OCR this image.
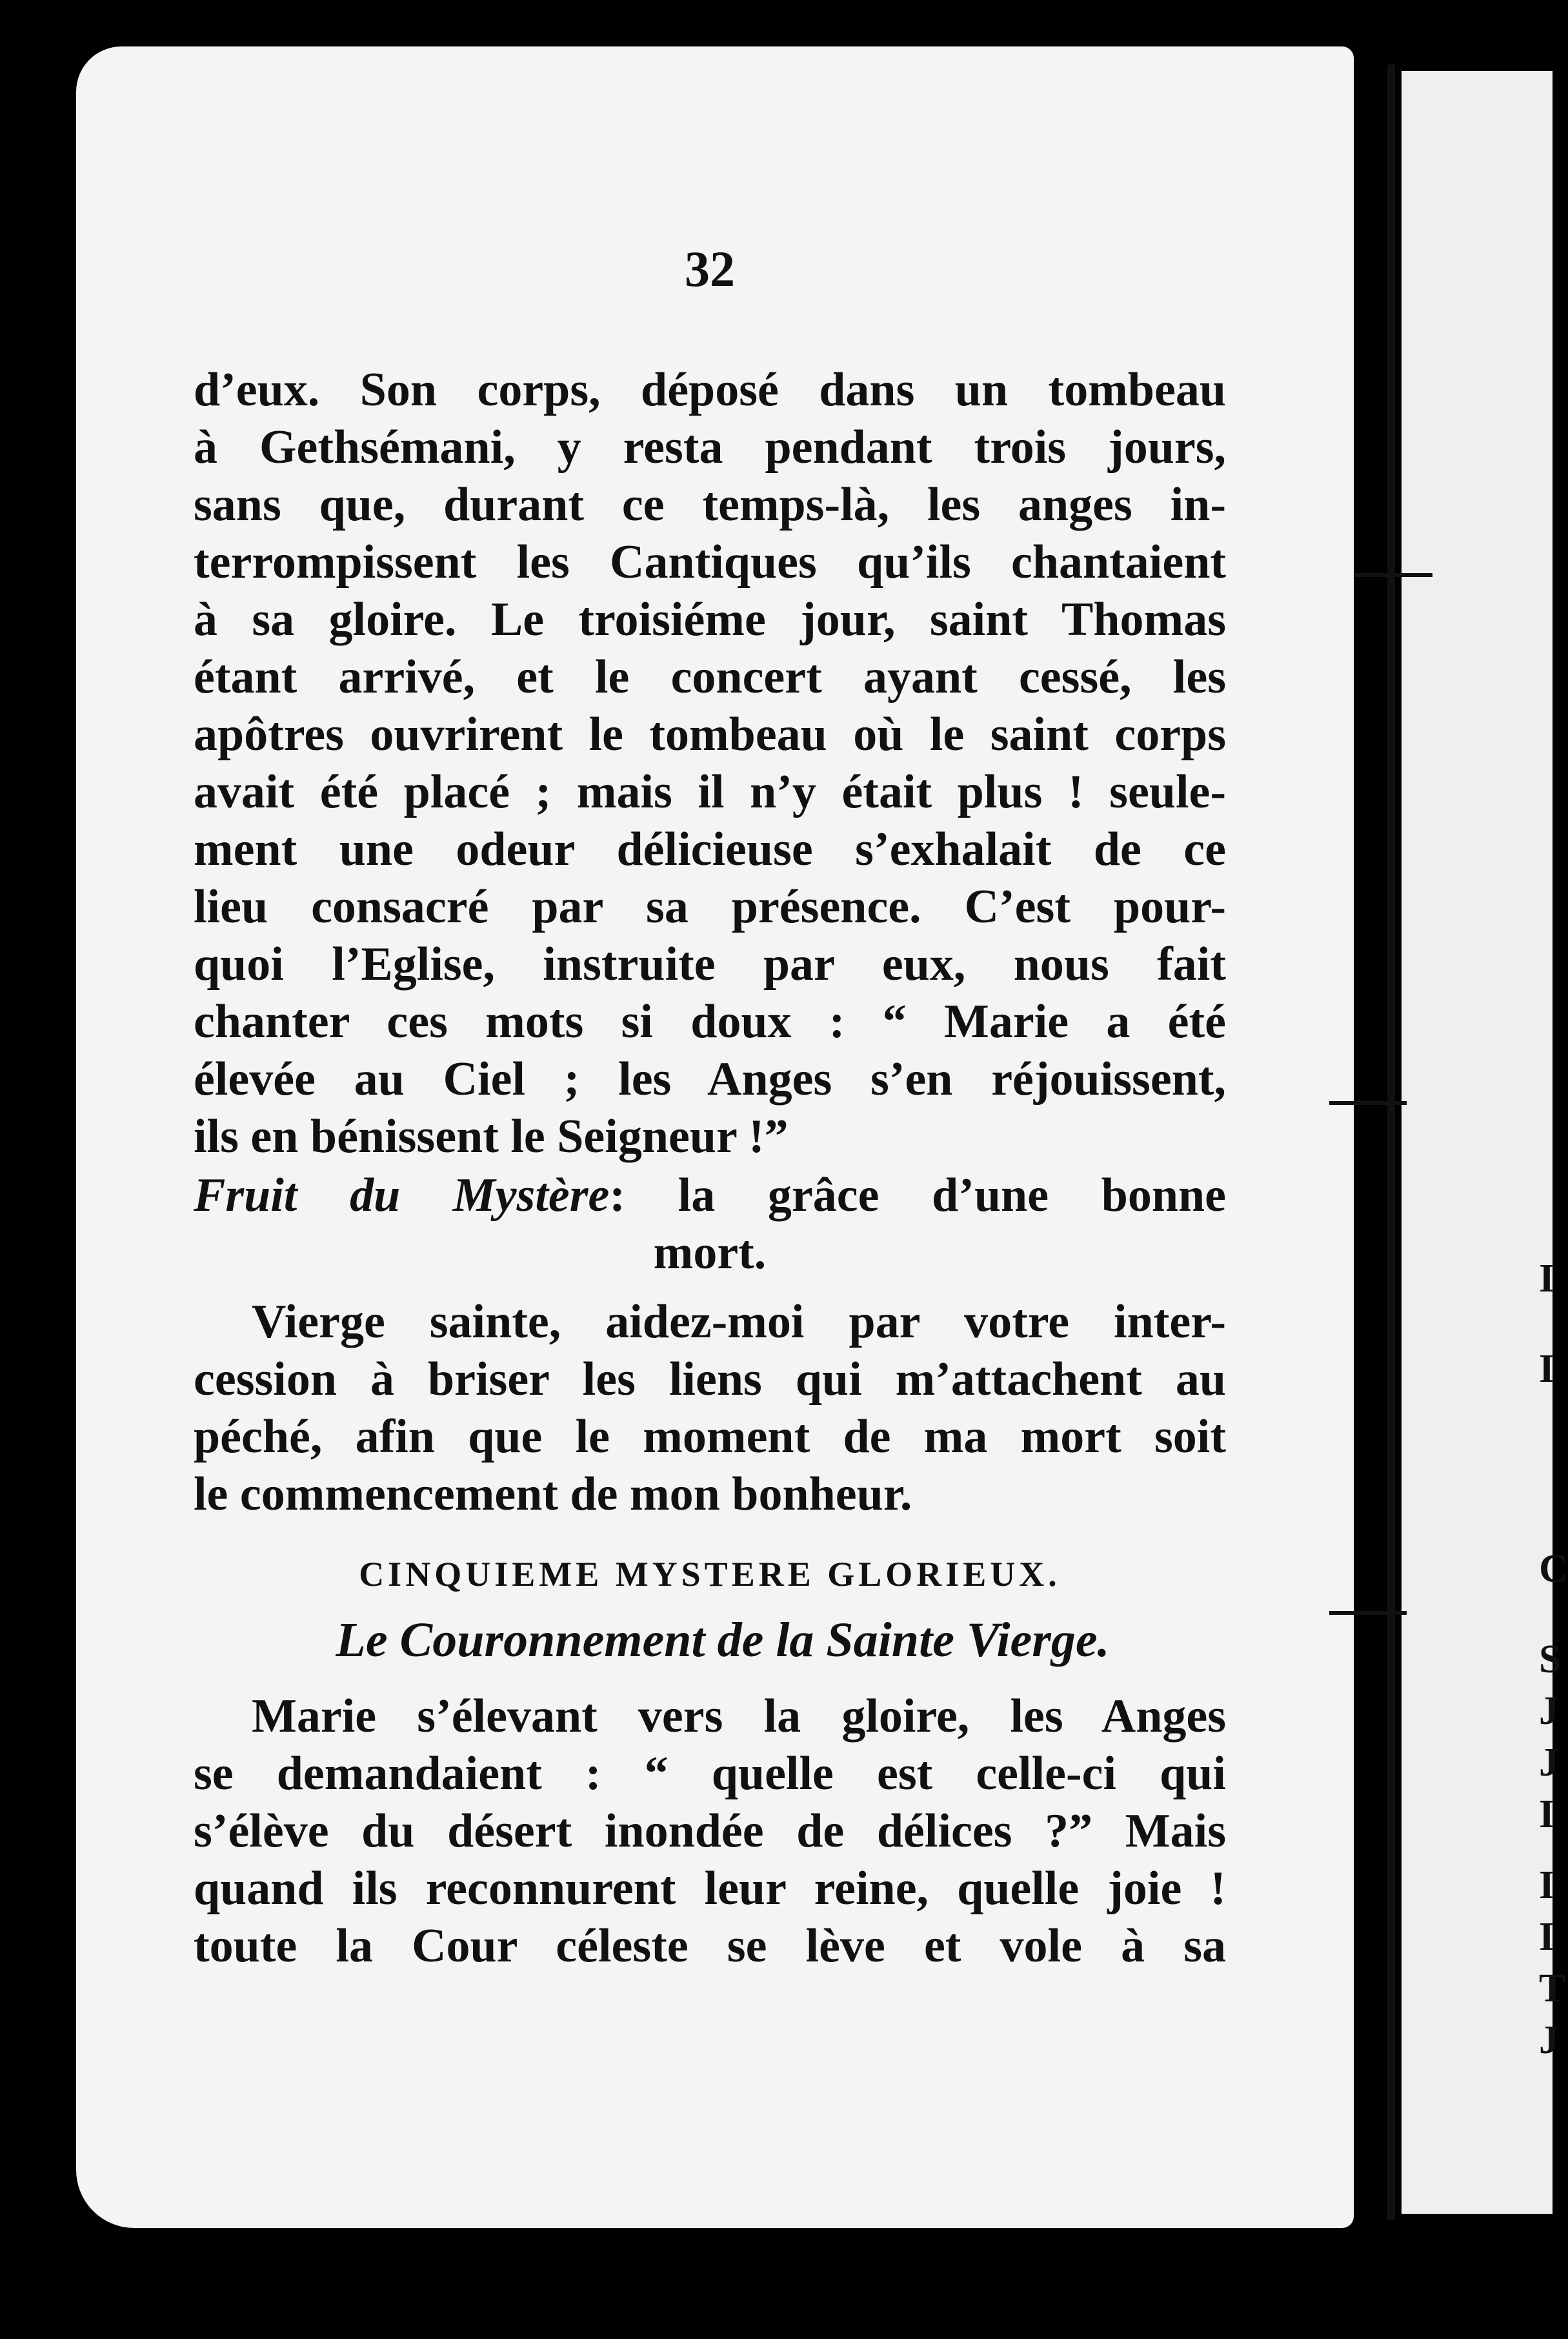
I
I
C
S
J
J
I
I
I
T
J
32

d’eux. Son corps, déposé dans un tombeau
à Gethsémani, y resta pendant trois jours,
sans que, durant ce temps-là, les anges in-
terrompissent les Cantiques qu’ils chantaient
à sa gloire. Le troisiéme jour, saint Thomas
étant arrivé, et le concert ayant cessé, les
apôtres ouvrirent le tombeau où le saint corps
avait été placé ; mais il n’y était plus ! seule-
ment une odeur délicieuse s’exhalait de ce
lieu consacré par sa présence. C’est pour-
quoi l’Eglise, instruite par eux, nous fait
chanter ces mots si doux : “ Marie a été
élevée au Ciel ; les Anges s’en réjouissent,
ils en bénissent le Seigneur !”

Fruit du Mystère: la grâce d’une bonne
mort.

Vierge sainte, aidez-moi par votre inter-
cession à briser les liens qui m’attachent au
péché, afin que le moment de ma mort soit
le commencement de mon bonheur.

CINQUIEME MYSTERE GLORIEUX.

Le Couronnement de la Sainte Vierge.

Marie s’élevant vers la gloire, les Anges
se demandaient : “ quelle est celle-ci qui
s’élève du désert inondée de délices ?” Mais
quand ils reconnurent leur reine, quelle joie !
toute la Cour céleste se lève et vole à sa
